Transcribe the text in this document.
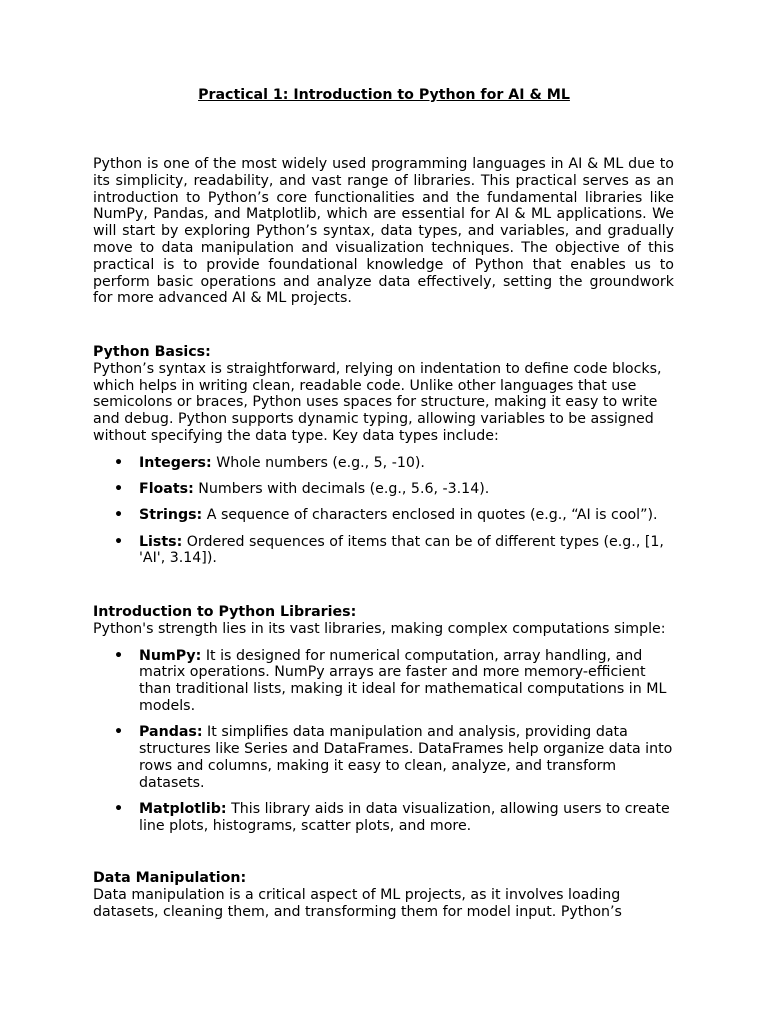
Practical 1: Introduction to Python for AI & ML

Python is one of the most widely used programming languages in AI & ML due to its simplicity, readability, and vast range of libraries. This practical serves as an introduction to Python’s core functionalities and the fundamental libraries like NumPy, Pandas, and Matplotlib, which are essential for AI & ML applications. We will start by exploring Python’s syntax, data types, and variables, and gradually move to data manipulation and visualization techniques. The objective of this practical is to provide foundational knowledge of Python that enables us to perform basic operations and analyze data effectively, setting the groundwork for more advanced AI & ML projects.

Python Basics:

Python’s syntax is straightforward, relying on indentation to define code blocks, which helps in writing clean, readable code. Unlike other languages that use semicolons or braces, Python uses spaces for structure, making it easy to write and debug. Python supports dynamic typing, allowing variables to be assigned without specifying the data type. Key data types include:

• Integers: Whole numbers (e.g., 5, -10).
• Floats: Numbers with decimals (e.g., 5.6, -3.14).
• Strings: A sequence of characters enclosed in quotes (e.g., “AI is cool”).
• Lists: Ordered sequences of items that can be of different types (e.g., [1, 'AI', 3.14]).
Introduction to Python Libraries:

Python's strength lies in its vast libraries, making complex computations simple:

• NumPy: It is designed for numerical computation, array handling, and matrix operations. NumPy arrays are faster and more memory-efficient than traditional lists, making it ideal for mathematical computations in ML models.
• Pandas: It simplifies data manipulation and analysis, providing data structures like Series and DataFrames. DataFrames help organize data into rows and columns, making it easy to clean, analyze, and transform datasets.
• Matplotlib: This library aids in data visualization, allowing users to create line plots, histograms, scatter plots, and more.
Data Manipulation:

Data manipulation is a critical aspect of ML projects, as it involves loading datasets, cleaning them, and transforming them for model input. Python’s
